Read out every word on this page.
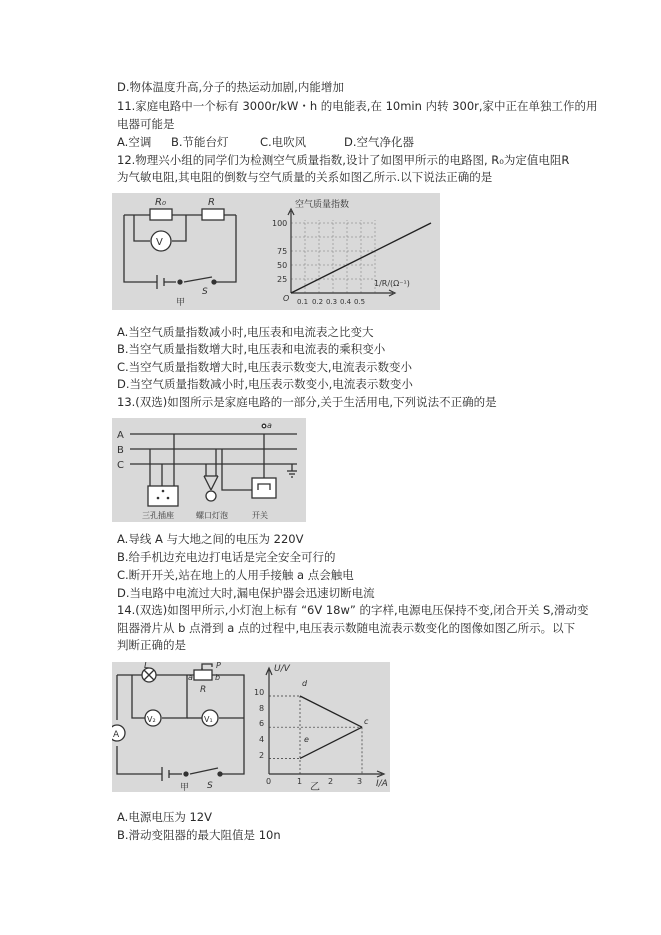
D.物体温度升高,分子的热运动加剧,内能增加
11.家庭电路中一个标有 3000r/kW・h 的电能表,在 10min 内转 300r,家中正在单独工作的用
电器可能是
A.空调 B.节能台灯	C.电吹风	D.空气净化器
12.物理兴小组的同学们为检测空气质量指数,设计了如图甲所示的电路图, R₀为定值电阻R
为气敏电阻,其电阻的倒数与空气质量的关系如图乙所示.以下说法正确的是
R₀	R
V
S
甲
空气质量指数
100
75
50
25
O 0.1 0.2 0.3 0.4 0.5
1/R/(Ω⁻¹)
A.当空气质量指数减小时,电压表和电流表之比变大
B.当空气质量指数增大时,电压表和电流表的乘积变小
C.当空气质量指数增大时,电压表示数变大,电流表示数变小
D.当空气质量指数减小时,电压表示数变小,电流表示数变小
13.(双选)如图所示是家庭电路的一部分,关于生活用电,下列说法不正确的是
A
B
C
a
三孔插座	螺口灯泡	开关
A.导线 A 与大地之间的电压为 220V
B.给手机边充电边打电话是完全安全可行的
C.断开开关,站在地上的人用手接触 a 点会触电
D.当电路中电流过大时,漏电保护器会迅速切断电流
14.(双选)如图甲所示,小灯泡上标有 “6V 18w” 的字样,电源电压保持不变,闭合开关 S,滑动变
阻器滑片从 b 点滑到 a 点的过程中,电压表示数随电流表示数变化的图像如图乙所示。以下
判断正确的是
L	P
a	b
R
V₂	V₁
A
S
甲
U/V
I/A
10
8
6
4
2
0	1	2	3
乙
d
c
e
A.电源电压为 12V
B.滑动变阻器的最大阻值是 10n
